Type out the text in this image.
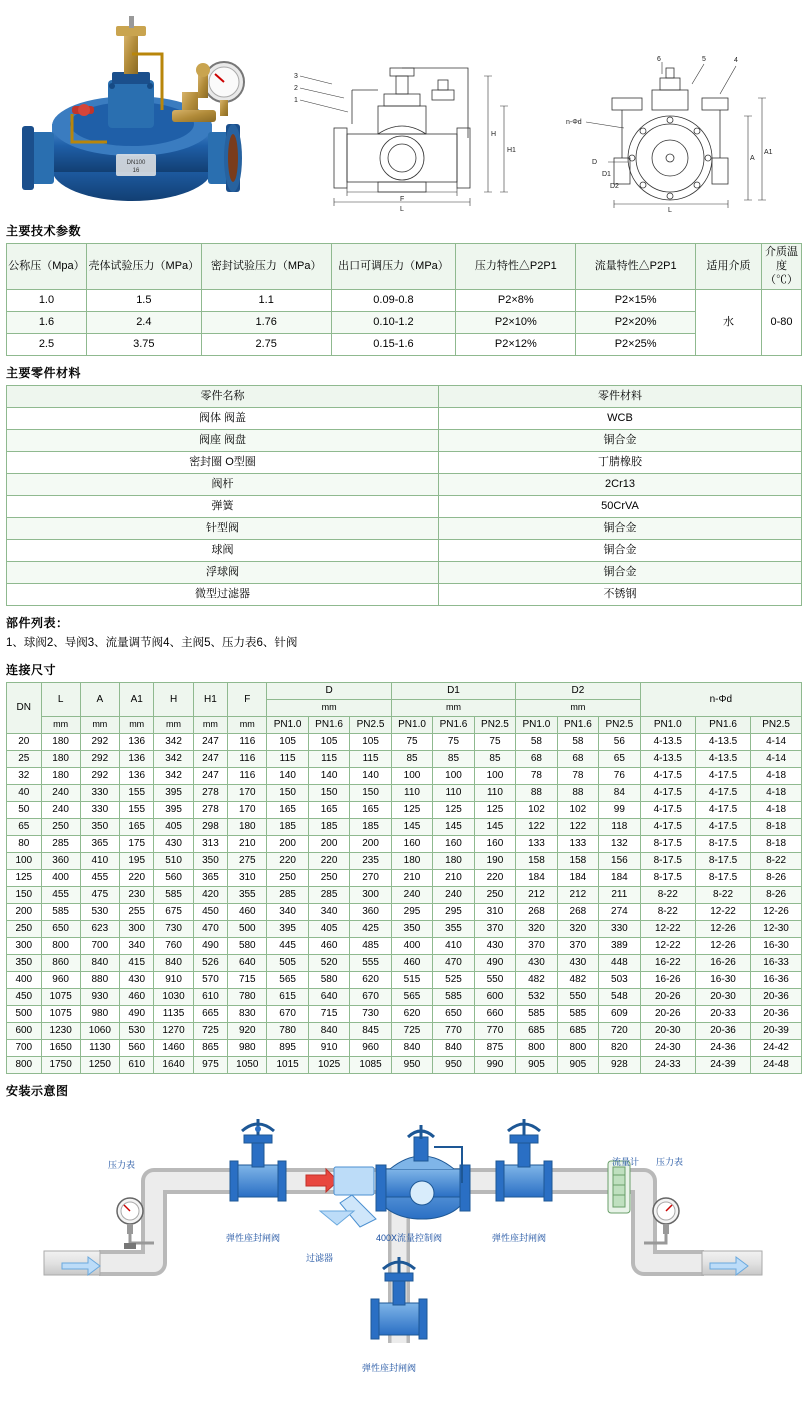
DN100
16
3
2
1
H
H1
F
L
6	5	4
n-Φd
D
D1
D2
A
A1
L
主要技术参数
公称压（Mpa）	壳体试验压力（MPa）	密封试验压力（MPa）	出口可调压力（MPa）	压力特性△P2P1	流量特性△P2P1	适用介质	介质温度（℃）
1.0	1.5	1.1	0.09-0.8	P2×8%	P2×15%	水	0-80
1.6	2.4	1.76	0.10-1.2	P2×10%	P2×20%		
2.5	3.75	2.75	0.15-1.6	P2×12%	P2×25%		
主要零件材料
零件名称	零件材料
阀体 阀盖	WCB
阀座 阀盘	铜合金
密封圈 O型圈	丁腈橡胶
阀杆	2Cr13
弹簧	50CrVA
针型阀	铜合金
球阀	铜合金
浮球阀	铜合金
微型过滤器	不锈钢
部件列表：
1、球阀2、导阀3、流量调节阀4、主阀5、压力表6、针阀
连接尺寸
DN	L	A	A1	H	H1	F	D			D1			D2			n-Φd		
							mm			mm			mm					
	mm	mm	mm	mm	mm	mm	PN1.0	PN1.6	PN2.5	PN1.0	PN1.6	PN2.5	PN1.0	PN1.6	PN2.5	PN1.0	PN1.6	PN2.5
20	180	292	136	342	247	116	105	105	105	75	75	75	58	58	56	4-13.5	4-13.5	4-14
25	180	292	136	342	247	116	115	115	115	85	85	85	68	68	65	4-13.5	4-13.5	4-14
32	180	292	136	342	247	116	140	140	140	100	100	100	78	78	76	4-17.5	4-17.5	4-18
40	240	330	155	395	278	170	150	150	150	110	110	110	88	88	84	4-17.5	4-17.5	4-18
50	240	330	155	395	278	170	165	165	165	125	125	125	102	102	99	4-17.5	4-17.5	4-18
65	250	350	165	405	298	180	185	185	185	145	145	145	122	122	118	4-17.5	4-17.5	8-18
80	285	365	175	430	313	210	200	200	200	160	160	160	133	133	132	8-17.5	8-17.5	8-18
100	360	410	195	510	350	275	220	220	235	180	180	190	158	158	156	8-17.5	8-17.5	8-22
125	400	455	220	560	365	310	250	250	270	210	210	220	184	184	184	8-17.5	8-17.5	8-26
150	455	475	230	585	420	355	285	285	300	240	240	250	212	212	211	8-22	8-22	8-26
200	585	530	255	675	450	460	340	340	360	295	295	310	268	268	274	8-22	12-22	12-26
250	650	623	300	730	470	500	395	405	425	350	355	370	320	320	330	12-22	12-26	12-30
300	800	700	340	760	490	580	445	460	485	400	410	430	370	370	389	12-22	12-26	16-30
350	860	840	415	840	526	640	505	520	555	460	470	490	430	430	448	16-22	16-26	16-33
400	960	880	430	910	570	715	565	580	620	515	525	550	482	482	503	16-26	16-30	16-36
450	1075	930	460	1030	610	780	615	640	670	565	585	600	532	550	548	20-26	20-30	20-36
500	1075	980	490	1135	665	830	670	715	730	620	650	660	585	585	609	20-26	20-33	20-36
600	1230	1060	530	1270	725	920	780	840	845	725	770	770	685	685	720	20-30	20-36	20-39
700	1650	1130	560	1460	865	980	895	910	960	840	840	875	800	800	820	24-30	24-36	24-42
800	1750	1250	610	1640	975	1050	1015	1025	1085	950	950	990	905	905	928	24-33	24-39	24-48
安装示意图
压力表	流量计 压力表
弹性座封闸阀
过滤器
400X流量控制阀	弹性座封闸阀
弹性座封闸阀
